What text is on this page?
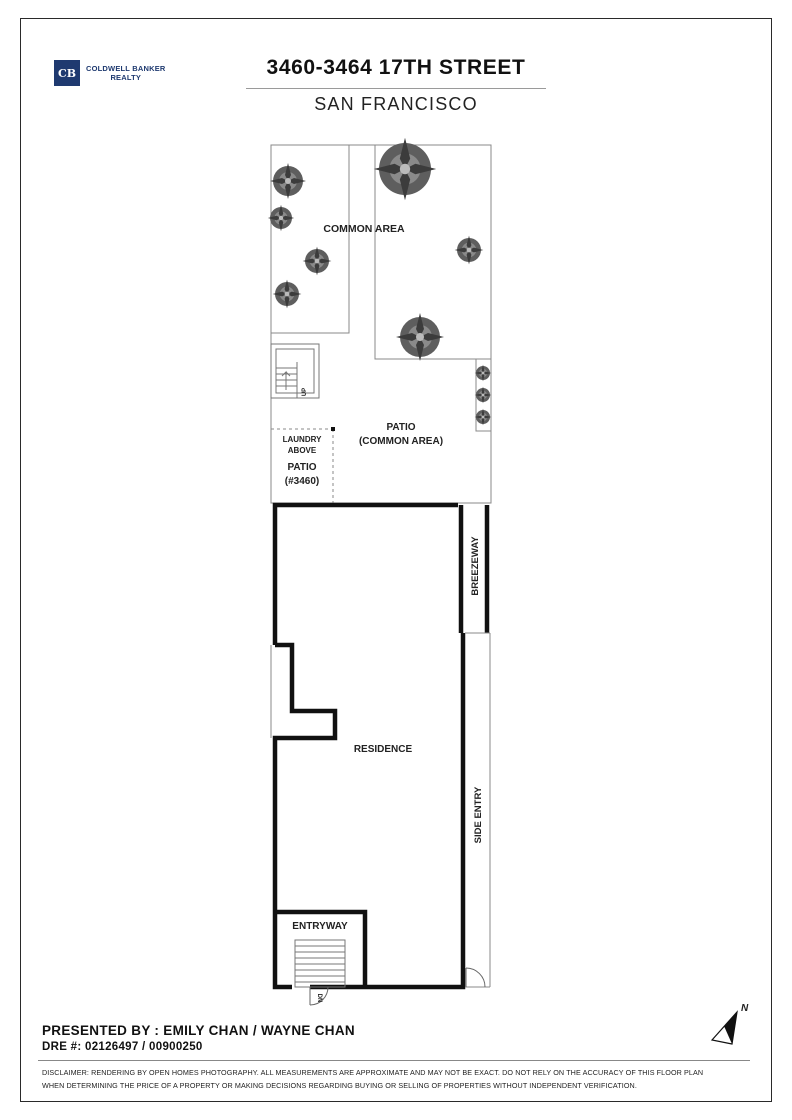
CB	COLDWELL BANKER
REALTY	3460-3464 17TH STREET
SAN FRANCISCO
COMMON AREA
PATIO
(COMMON AREA)
LAUNDRY
ABOVE
PATIO
(#3460)
BREEZEWAY
RESIDENCE
SIDE ENTRY
ENTRYWAY
UP
DN
N
PRESENTED BY : EMILY CHAN / WAYNE CHAN
DRE #: 02126497 / 00900250
DISCLAIMER: RENDERING BY OPEN HOMES PHOTOGRAPHY. ALL MEASUREMENTS ARE APPROXIMATE AND MAY NOT BE EXACT. DO NOT RELY ON THE ACCURACY OF THIS FLOOR PLAN
WHEN DETERMINING THE PRICE OF A PROPERTY OR MAKING DECISIONS REGARDING BUYING OR SELLING OF PROPERTIES WITHOUT INDEPENDENT VERIFICATION.
